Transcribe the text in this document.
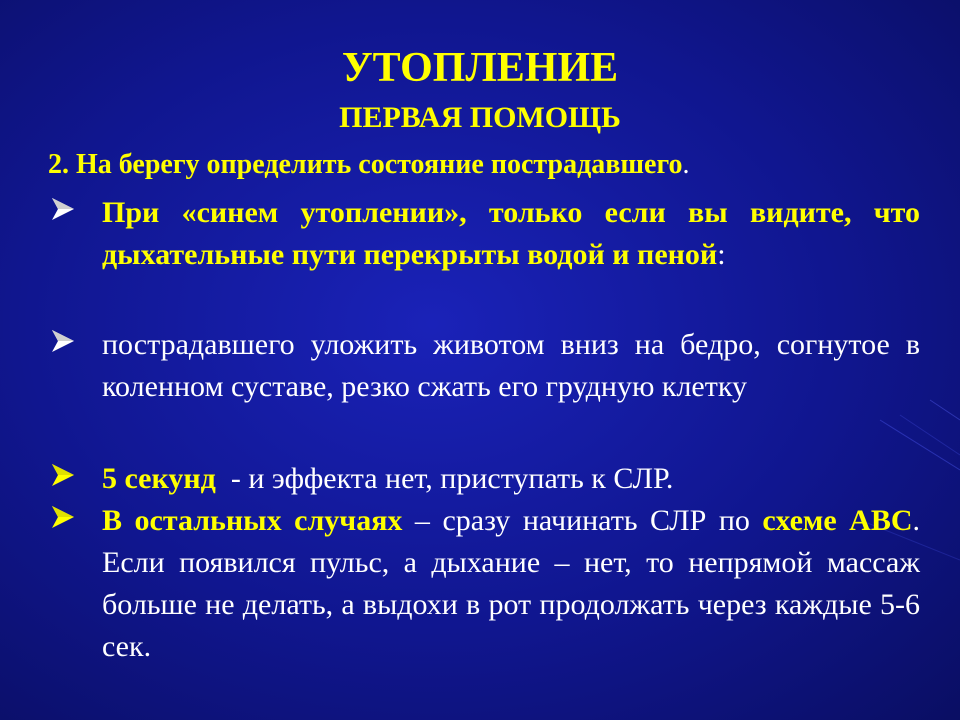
УТОПЛЕНИЕ
ПЕРВАЯ ПОМОЩЬ
2. На берегу определить состояние пострадавшего.
При «синем утоплении», только если вы видите, что дыхательные пути перекрыты водой и пеной:
пострадавшего уложить животом вниз на бедро, согнутое в коленном суставе, резко сжать его грудную клетку
5 секунд  - и эффекта нет, приступать к СЛР.
В остальных случаях – сразу начинать СЛР по схеме АВС. Если появился пульс, а дыхание – нет, то непрямой массаж больше не делать, а выдохи в рот продолжать через каждые 5-6 сек.
